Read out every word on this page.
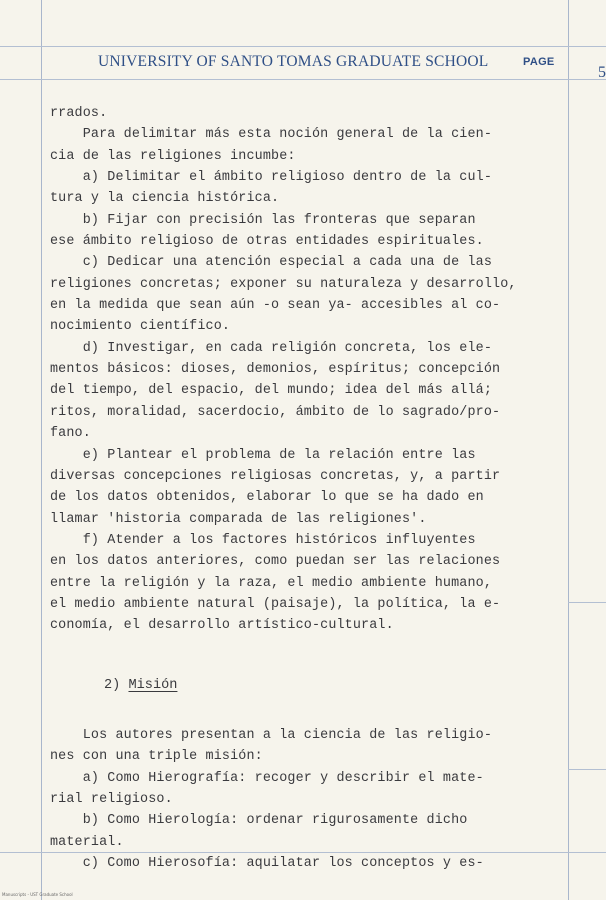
UNIVERSITY OF SANTO TOMAS GRADUATE SCHOOL	PAGE
5
rrados.
Para delimitar más esta noción general de la cien-
cia de las religiones incumbe:
a) Delimitar el ámbito religioso dentro de la cul-
tura y la ciencia histórica.
b) Fijar con precisión las fronteras que separan
ese ámbito religioso de otras entidades espirituales.
c) Dedicar una atención especial a cada una de las
religiones concretas; exponer su naturaleza y desarrollo,
en la medida que sean aún -o sean ya- accesibles al co-
nocimiento científico.
d) Investigar, en cada religión concreta, los ele-
mentos básicos: dioses, demonios, espíritus; concepción
del tiempo, del espacio, del mundo; idea del más allá;
ritos, moralidad, sacerdocio, ámbito de lo sagrado/pro-
fano.
e) Plantear el problema de la relación entre las
diversas concepciones religiosas concretas, y, a partir
de los datos obtenidos, elaborar lo que se ha dado en
llamar 'historia comparada de las religiones'.
f) Atender a los factores históricos influyentes
en los datos anteriores, como puedan ser las relaciones
entre la religión y la raza, el medio ambiente humano,
el medio ambiente natural (paisaje), la política, la e-
conomía, el desarrollo artístico-cultural.
2) Misión
Los autores presentan a la ciencia de las religio-
nes con una triple misión:
a) Como Hierografía: recoger y describir el mate-
rial religioso.
b) Como Hierología: ordenar rigurosamente dicho
material.
c) Como Hierosofía: aquilatar los conceptos y es-
Manuscripts - UST Graduate School
